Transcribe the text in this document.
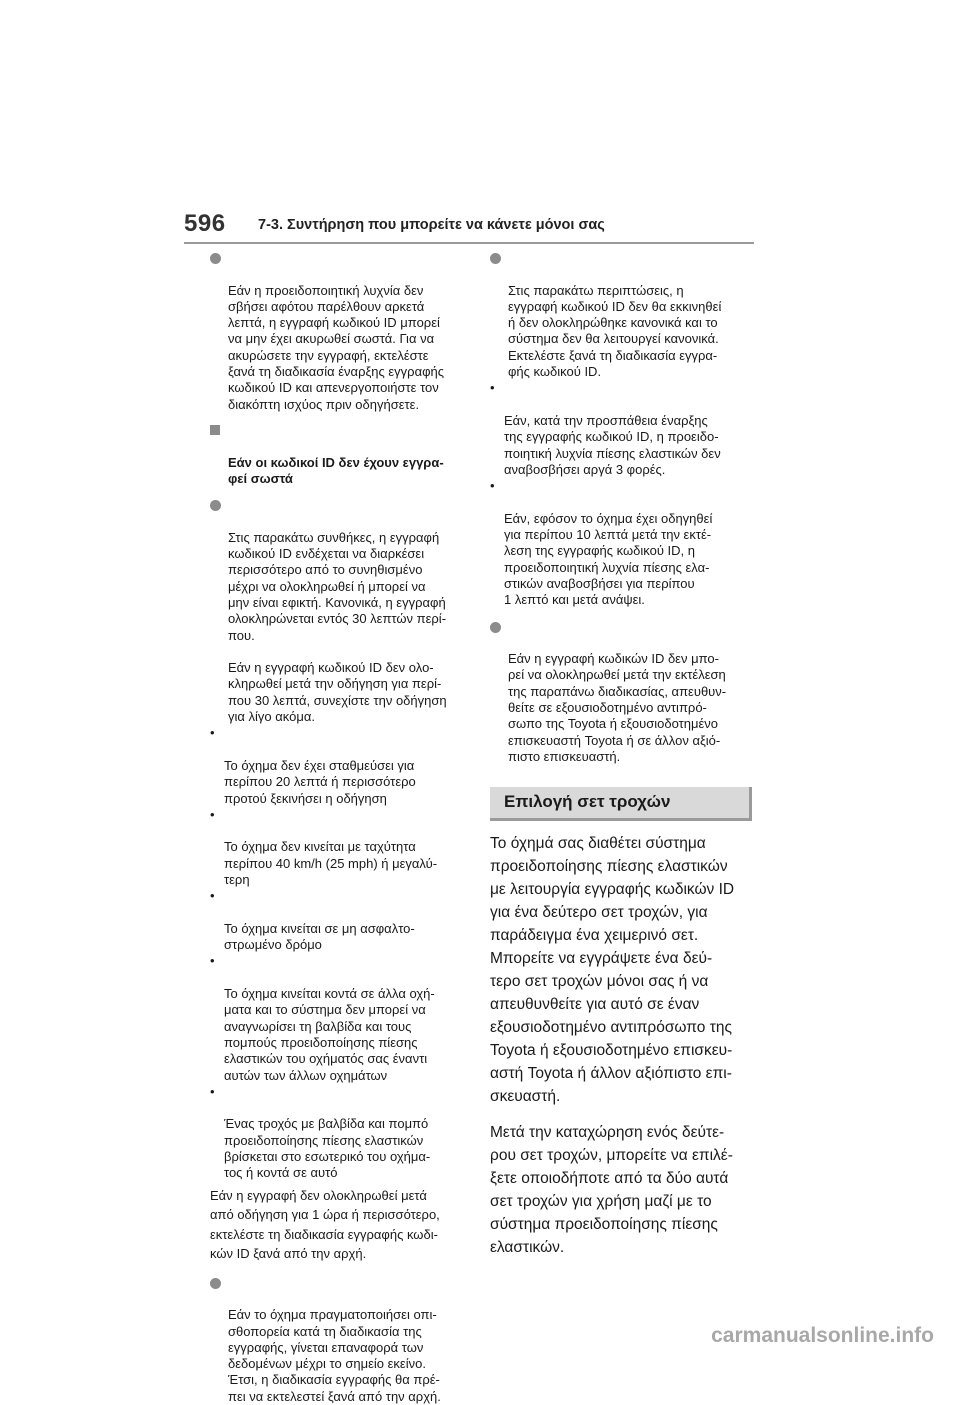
596 7-3. Συντήρηση που μπορείτε να κάνετε μόνοι σας

Εάν η προειδοποιητική λυχνία δεν
σβήσει αφότου παρέλθουν αρκετά
λεπτά, η εγγραφή κωδικού ID μπορεί
να μην έχει ακυρωθεί σωστά. Για να
ακυρώσετε την εγγραφή, εκτελέστε
ξανά τη διαδικασία έναρξης εγγραφής
κωδικού ID και απενεργοποιήστε τον
διακόπτη ισχύος πριν οδηγήσετε.

Εάν οι κωδικοί ID δεν έχουν εγγρα-
φεί σωστά

Στις παρακάτω συνθήκες, η εγγραφή
κωδικού ID ενδέχεται να διαρκέσει
περισσότερο από το συνηθισμένο
μέχρι να ολοκληρωθεί ή μπορεί να
μην είναι εφικτή. Κανονικά, η εγγραφή
ολοκληρώνεται εντός 30 λεπτών περί-
που.

Εάν η εγγραφή κωδικού ID δεν ολο-
κληρωθεί μετά την οδήγηση για περί-
που 30 λεπτά, συνεχίστε την οδήγηση
για λίγο ακόμα.

•

Το όχημα δεν έχει σταθμεύσει για
περίπου 20 λεπτά ή περισσότερο
προτού ξεκινήσει η οδήγηση

•

Το όχημα δεν κινείται με ταχύτητα
περίπου 40 km/h (25 mph) ή μεγαλύ-
τερη

•

Το όχημα κινείται σε μη ασφαλτο-
στρωμένο δρόμο

•

Το όχημα κινείται κοντά σε άλλα οχή-
ματα και το σύστημα δεν μπορεί να
αναγνωρίσει τη βαλβίδα και τους
πομπούς προειδοποίησης πίεσης
ελαστικών του οχήματός σας έναντι
αυτών των άλλων οχημάτων

•

Ένας τροχός με βαλβίδα και πομπό
προειδοποίησης πίεσης ελαστικών
βρίσκεται στο εσωτερικό του οχήμα-
τος ή κοντά σε αυτό

Εάν η εγγραφή δεν ολοκληρωθεί μετά
από οδήγηση για 1 ώρα ή περισσότερο,
εκτελέστε τη διαδικασία εγγραφής κωδι-
κών ID ξανά από την αρχή.

Εάν το όχημα πραγματοποιήσει οπι-
σθοπορεία κατά τη διαδικασία της
εγγραφής, γίνεται επαναφορά των
δεδομένων μέχρι το σημείο εκείνο.
Έτσι, η διαδικασία εγγραφής θα πρέ-
πει να εκτελεστεί ξανά από την αρχή.

Στις παρακάτω περιπτώσεις, η
εγγραφή κωδικού ID δεν θα εκκινηθεί
ή δεν ολοκληρώθηκε κανονικά και το
σύστημα δεν θα λειτουργεί κανονικά.
Εκτελέστε ξανά τη διαδικασία εγγρα-
φής κωδικού ID.

•

Εάν, κατά την προσπάθεια έναρξης
της εγγραφής κωδικού ID, η προειδο-
ποιητική λυχνία πίεσης ελαστικών δεν
αναβοσβήσει αργά 3 φορές.

•

Εάν, εφόσον το όχημα έχει οδηγηθεί
για περίπου 10 λεπτά μετά την εκτέ-
λεση της εγγραφής κωδικού ID, η
προειδοποιητική λυχνία πίεσης ελα-
στικών αναβοσβήσει για περίπου
1 λεπτό και μετά ανάψει.

Εάν η εγγραφή κωδικών ID δεν μπο-
ρεί να ολοκληρωθεί μετά την εκτέλεση
της παραπάνω διαδικασίας, απευθυν-
θείτε σε εξουσιοδοτημένο αντιπρό-
σωπο της Toyota ή εξουσιοδοτημένο
επισκευαστή Toyota ή σε άλλον αξιό-
πιστο επισκευαστή.

Επιλογή σετ τροχών
Το όχημά σας διαθέτει σύστημα
προειδοποίησης πίεσης ελαστικών
με λειτουργία εγγραφής κωδικών ID
για ένα δεύτερο σετ τροχών, για
παράδειγμα ένα χειμερινό σετ.
Μπορείτε να εγγράψετε ένα δεύ-
τερο σετ τροχών μόνοι σας ή να
απευθυνθείτε για αυτό σε έναν
εξουσιοδοτημένο αντιπρόσωπο της
Toyota ή εξουσιοδοτημένο επισκευ-
αστή Toyota ή άλλον αξιόπιστο επι-
σκευαστή.
Μετά την καταχώρηση ενός δεύτε-
ρου σετ τροχών, μπορείτε να επιλέ-
ξετε οποιοδήποτε από τα δύο αυτά
σετ τροχών για χρήση μαζί με το
σύστημα προειδοποίησης πίεσης
ελαστικών.
carmanualsonline.info
